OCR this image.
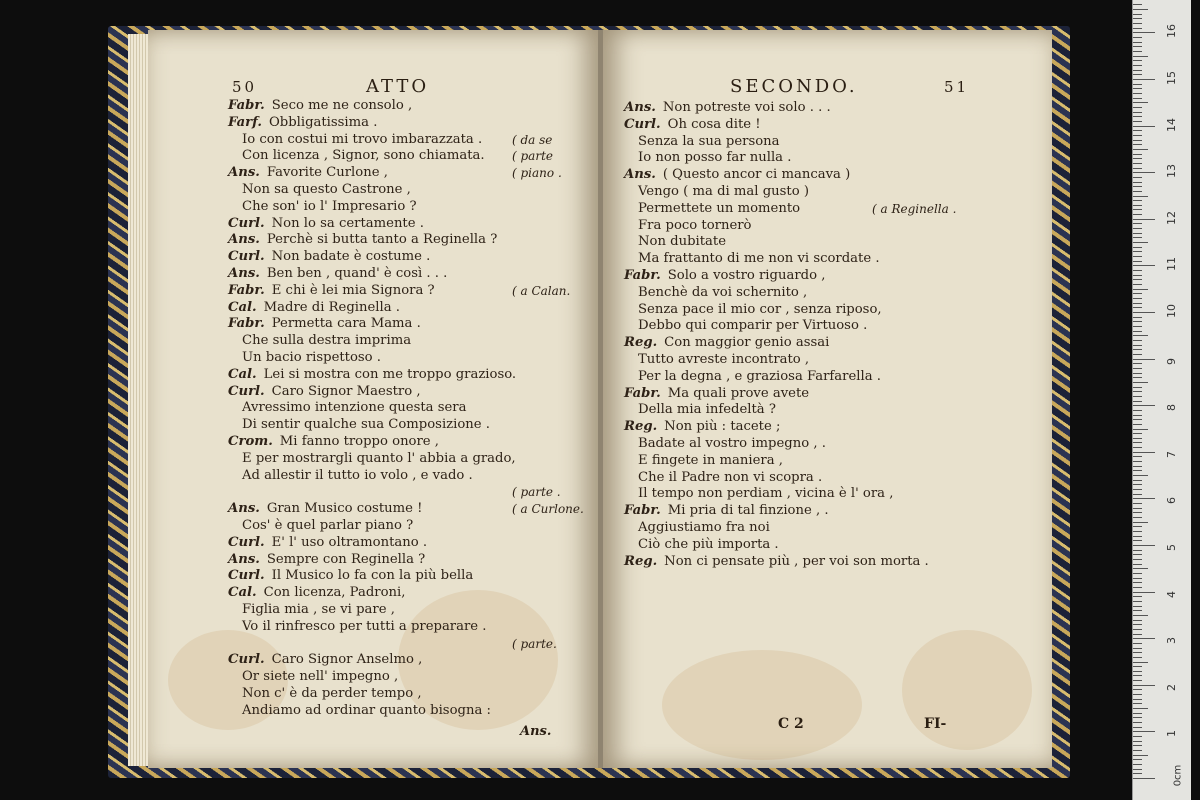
50	ATTO	SECONDO.	51
Fabr. Seco me ne consolo ,
Farf. Obbligatissima .
Io con costui mi trovo imbarazzata . ( da se
Con licenza , Signor, sono chiamata. ( parte
Ans. Favorite Curlone ,	( piano .
Non sa questo Castrone ,
Che son' io l' Impresario ?
Curl. Non lo sa certamente .
Ans. Perchè si butta tanto a Reginella ?
Curl. Non badate è costume .
Ans. Ben ben , quand' è così . . .
Fabr. E chi è lei mia Signora ?	( a Calan.
Cal. Madre di Reginella .
Fabr. Permetta cara Mama .
Che sulla destra imprima
Un bacio rispettoso .
Cal. Lei si mostra con me troppo grazioso.
Curl. Caro Signor Maestro ,
Avressimo intenzione questa sera
Di sentir qualche sua Composizione .
Crom. Mi fanno troppo onore ,
E per mostrargli quanto l' abbia a grado,
Ad allestir il tutto io volo , e vado .
( parte .
Ans. Gran Musico costume !	( a Curlone.
Cos' è quel parlar piano ?
Curl. E' l' uso oltramontano .
Ans. Sempre con Reginella ?
Curl. Il Musico lo fa con la più bella
Cal. Con licenza, Padroni,
Figlia mia , se vi pare ,
Vo il rinfresco per tutti a preparare .
( parte.
Curl. Caro Signor Anselmo ,
Or siete nell' impegno ,
Non c' è da perder tempo ,
Andiamo ad ordinar quanto bisogna :
Ans. Non potreste voi solo . . .
Curl. Oh cosa dite !
Senza la sua persona
Io non posso far nulla .
Ans. ( Questo ancor ci mancava )
Vengo ( ma di mal gusto )
Permettete un momento	( a Reginella .
Fra poco tornerò
Non dubitate
Ma frattanto di me non vi scordate .
Fabr. Solo a vostro riguardo ,
Benchè da voi schernito ,
Senza pace il mio cor , senza riposo,
Debbo qui comparir per Virtuoso .
Reg. Con maggior genio assai
Tutto avreste incontrato ,
Per la degna , e graziosa Farfarella .
Fabr. Ma quali prove avete
Della mia infedeltà ?
Reg. Non più : tacete ;
Badate al vostro impegno , .
E fingete in maniera ,
Che il Padre non vi scopra .
Il tempo non perdiam , vicina è l' ora ,
Fabr. Mi pria di tal finzione , .
Aggiustiamo fra noi
Ciò che più importa .
Reg. Non ci pensate più , per voi son morta .
Ans.	C 2	FI-
0cm
1
2
3
4
5
6
7
8
9
10
11
12
13
14
15
16
